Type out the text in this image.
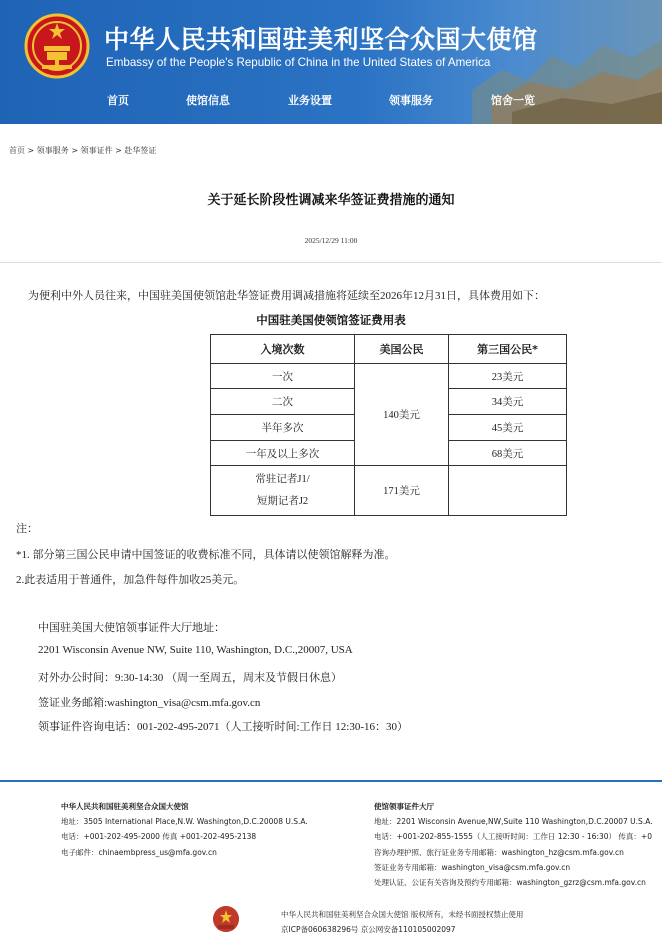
中华人民共和国驻美利坚合众国大使馆
Embassy of the People's Republic of China in the United States of America
首页	使馆信息	业务设置	领事服务	馆舍一览
首页 > 领事服务 > 领事证件 > 赴华签证
关于延长阶段性调减来华签证费措施的通知
2025/12/29 11:00
为便利中外人员往来，中国驻美国使领馆赴华签证费用调减措施将延续至2026年12月31日，具体费用如下：
中国驻美国使领馆签证费用表
入境次数	美国公民	第三国公民*
一次	140美元	23美元
二次		34美元
半年多次		45美元
一年及以上多次		68美元

常驻记者J1/
短期记者J2	171美元	
注：
*1. 部分第三国公民申请中国签证的收费标准不同，具体请以使领馆解释为准。
2.此表适用于普通件，加急件每件加收25美元。
中国驻美国大使馆领事证件大厅地址：
2201 Wisconsin Avenue NW, Suite 110, Washington, D.C.,20007, USA
对外办公时间：9:30-14:30 （周一至周五，周末及节假日休息）
签证业务邮箱:washington_visa@csm.mfa.gov.cn
领事证件咨询电话：001-202-495-2071（人工接听时间:工作日 12:30-16：30）
中华人民共和国驻美利坚合众国大使馆
地址：3505 International Place,N.W. Washington,D.C.20008 U.S.A.
电话：+001-202-495-2000 传真 +001-202-495-2138
电子邮件：chinaembpress_us@mfa.gov.cn
使馆领事证件大厅
地址：2201 Wisconsin Avenue,NW,Suite 110 Washington,D.C.20007 U.S.A.
电话：+001-202-855-1555（人工接听时间：工作日 12:30 - 16:30） 传真：+0
咨询办理护照、旅行证业务专用邮箱：washington_hz@csm.mfa.gov.cn
签证业务专用邮箱：washington_visa@csm.mfa.gov.cn
处理认证、公证有关咨询及预约专用邮箱：washington_gzrz@csm.mfa.gov.cn
中华人民共和国驻美利坚合众国大使馆 版权所有，未经书面授权禁止使用
京ICP备060638296号 京公网安备110105002097
